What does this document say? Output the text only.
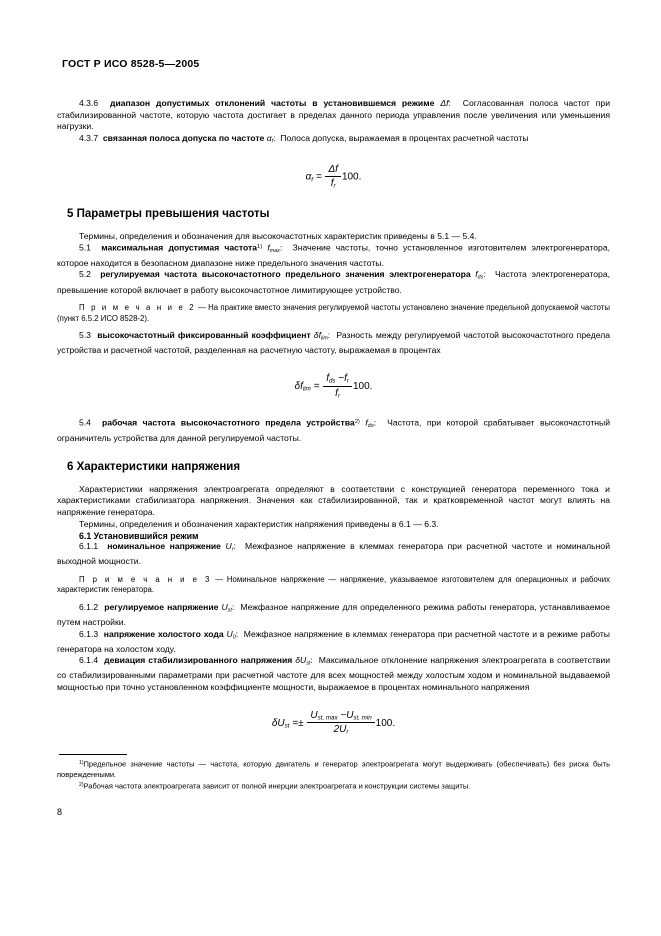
ГОСТ Р ИСО 8528-5—2005

4.3.6 диапазон допустимых отклонений частоты в установившемся режиме Δf:  Согласованная полоса частот при стабилизированной частоте, которую частота достигает в пределах данного периода управления после увеличения или уменьшения нагрузки.

4.3.7 связанная полоса допуска по частоте $\alpha_f$:  Полоса допуска, выражаемая в процентах расчетной частоты

$\alpha_f = \frac{\Delta f}{f_r} 100$.
5 Параметры превышения частоты

Термины, определения и обозначения для высокочастотных характеристик приведены в 5.1 — 5.4.

5.1 максимальная допустимая частота$^{1)}$ $f_{max}$:  Значение частоты, точно установленное изготовителем электрогенератора, которое находится в безопасном диапазоне ниже предельного значения частоты.

5.2 регулируемая частота высокочастотного предельного значения электрогенератора $f_{ds}$:  Частота электрогенератора, превышение которой включает в работу высокочастотное лимитирующее устройство.

П р и м е ч а н и е 2 — На практике вместо значения регулируемой частоты установлено значение предельной допускаемой частоты (пункт 6.5.2 ИСО 8528-2).

5.3 высокочастотный фиксированный коэффициент $\delta f_{lim}$:  Разность между регулируемой частотой высокочастотного предела устройства и расчетной частотой, разделенная на расчетную частоту, выражаемая в процентах

$\delta f_{lim} = \frac{f_{ds} -f_r}{f_r} 100$.

5.4 рабочая частота высокочастотного предела устройства$^{2)}$ $f_{do}$:  Частота, при которой срабатывает высокочастотный ограничитель устройства для данной регулируемой частоты.

6 Характеристики напряжения

Характеристики напряжения электроагрегата определяют в соответствии с конструкцией генератора переменного тока и характеристиками стабилизатора напряжения. Значения как стабилизированной, так и кратковременной частот могут влиять на напряжение генератора.

Термины, определения и обозначения характеристик напряжения приведены в 6.1 — 6.3.

6.1 Установившийся режим

6.1.1 номинальное напряжение $U_r$:  Межфазное напряжение в клеммах генератора при расчетной частоте и номинальной выходной мощности.

П р и м е ч а н и е 3 — Номинальное напряжение — напряжение, указываемое изготовителем для операционных и рабочих характеристик генератора.

6.1.2 регулируемое напряжение $U_{st}$:  Межфазное напряжение для определенного режима работы генератора, устанавливаемое путем настройки.

6.1.3 напряжение холостого хода $U_0$:  Межфазное напряжение в клеммах генератора при расчетной частоте и в режиме работы генератора на холостом ходу.

6.1.4 девиация стабилизированного напряжения $\delta U_{st}$:  Максимальное отклонение напряжения электроагрегата в соответствии со стабилизированными параметрами при расчетной частоте для всех мощностей между холостым ходом и номинальной выдаваемой мощностью при точно установленном коэффициенте мощности, выражаемое в процентах номинального напряжения

$\delta U_{st} =\pm \frac{U_{st, max} -U_{st, min}}{2U_r} 100$.

$^{1)}$Предельное значение частоты — частота, которую двигатель и генератор электроагрегата могут выдерживать (обеспечивать) без риска быть поврежденными.

$^{2)}$Рабочая частота электроагрегата зависит от полной инерции электроагрегата и конструкции системы защиты.

8
